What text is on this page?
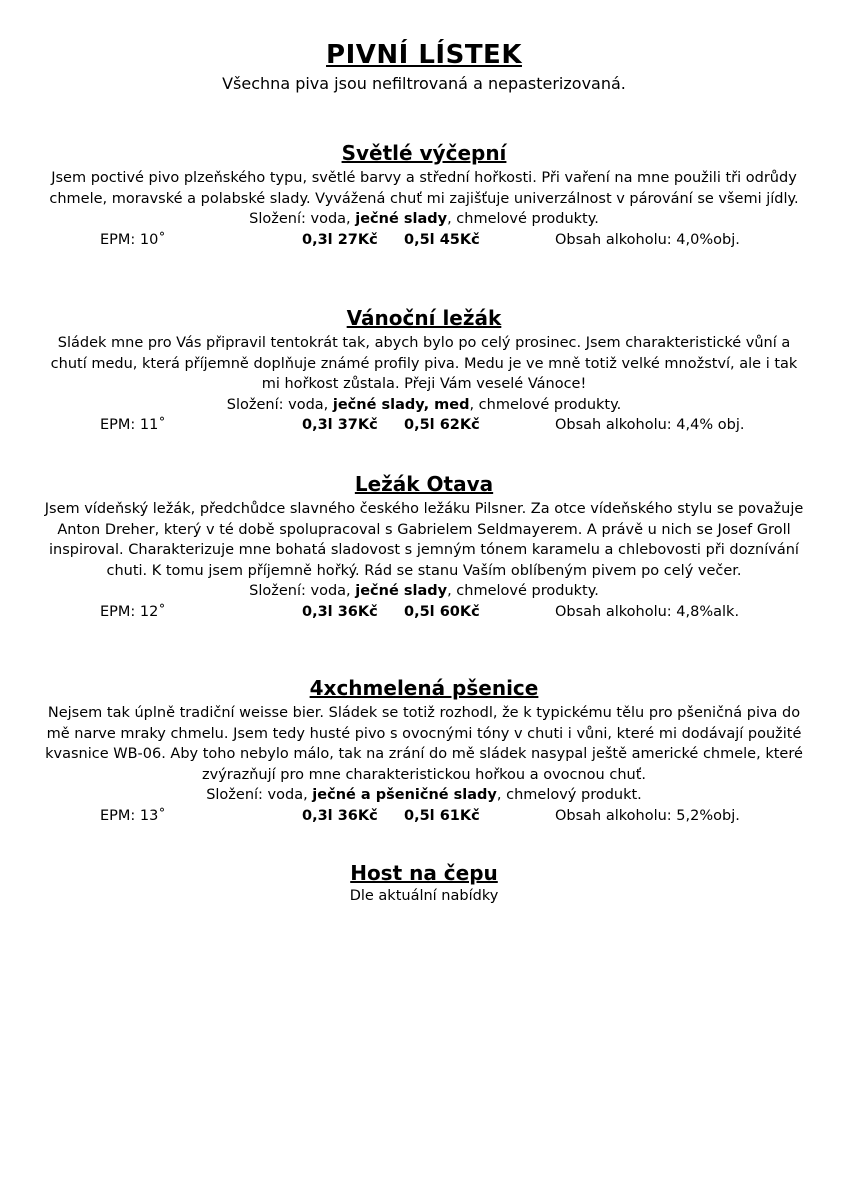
PIVNÍ LÍSTEK
Všechna piva jsou nefiltrovaná a nepasterizovaná.
Světlé výčepní
Jsem poctivé pivo plzeňského typu, světlé barvy a střední hořkosti. Při vaření na mne použili tři odrůdy chmele, moravské a polabské slady. Vyvážená chuť mi zajišťuje univerzálnost v párování se všemi jídly.
Složení: voda, ječné slady, chmelové produkty.
EPM: 10˚	0,3l 27Kč 0,5l 45Kč	Obsah alkoholu: 4,0%obj.
Vánoční ležák
Sládek mne pro Vás připravil tentokrát tak, abych bylo po celý prosinec. Jsem charakteristické vůní a chutí medu, která příjemně doplňuje známé profily piva. Medu je ve mně totiž velké množství, ale i tak mi hořkost zůstala. Přeji Vám veselé Vánoce!
Složení: voda, ječné slady, med, chmelové produkty.
EPM: 11˚	0,3l 37Kč 0,5l 62Kč	Obsah alkoholu: 4,4% obj.
Ležák Otava
Jsem vídeňský ležák, předchůdce slavného českého ležáku Pilsner. Za otce vídeňského stylu se považuje Anton Dreher, který v té době spolupracoval s Gabrielem Seldmayerem. A právě u nich se Josef Groll inspiroval. Charakterizuje mne bohatá sladovost s jemným tónem karamelu a chlebovosti při doznívání chuti. K tomu jsem příjemně hořký. Rád se stanu Vaším oblíbeným pivem po celý večer.
Složení: voda, ječné slady, chmelové produkty.
EPM: 12˚	0,3l 36Kč 0,5l 60Kč	Obsah alkoholu: 4,8%alk.
4xchmelená pšenice
Nejsem tak úplně tradiční weisse bier. Sládek se totiž rozhodl, že k typickému tělu pro pšeničná piva do mě narve mraky chmelu. Jsem tedy husté pivo s ovocnými tóny v chuti i vůni, které mi dodávají použité kvasnice WB-06. Aby toho nebylo málo, tak na zrání do mě sládek nasypal ještě americké chmele, které zvýrazňují pro mne charakteristickou hořkou a ovocnou chuť.
Složení: voda, ječné a pšeničné slady, chmelový produkt.
EPM: 13˚	0,3l 36Kč 0,5l 61Kč	Obsah alkoholu: 5,2%obj.
Host na čepu
Dle aktuální nabídky
